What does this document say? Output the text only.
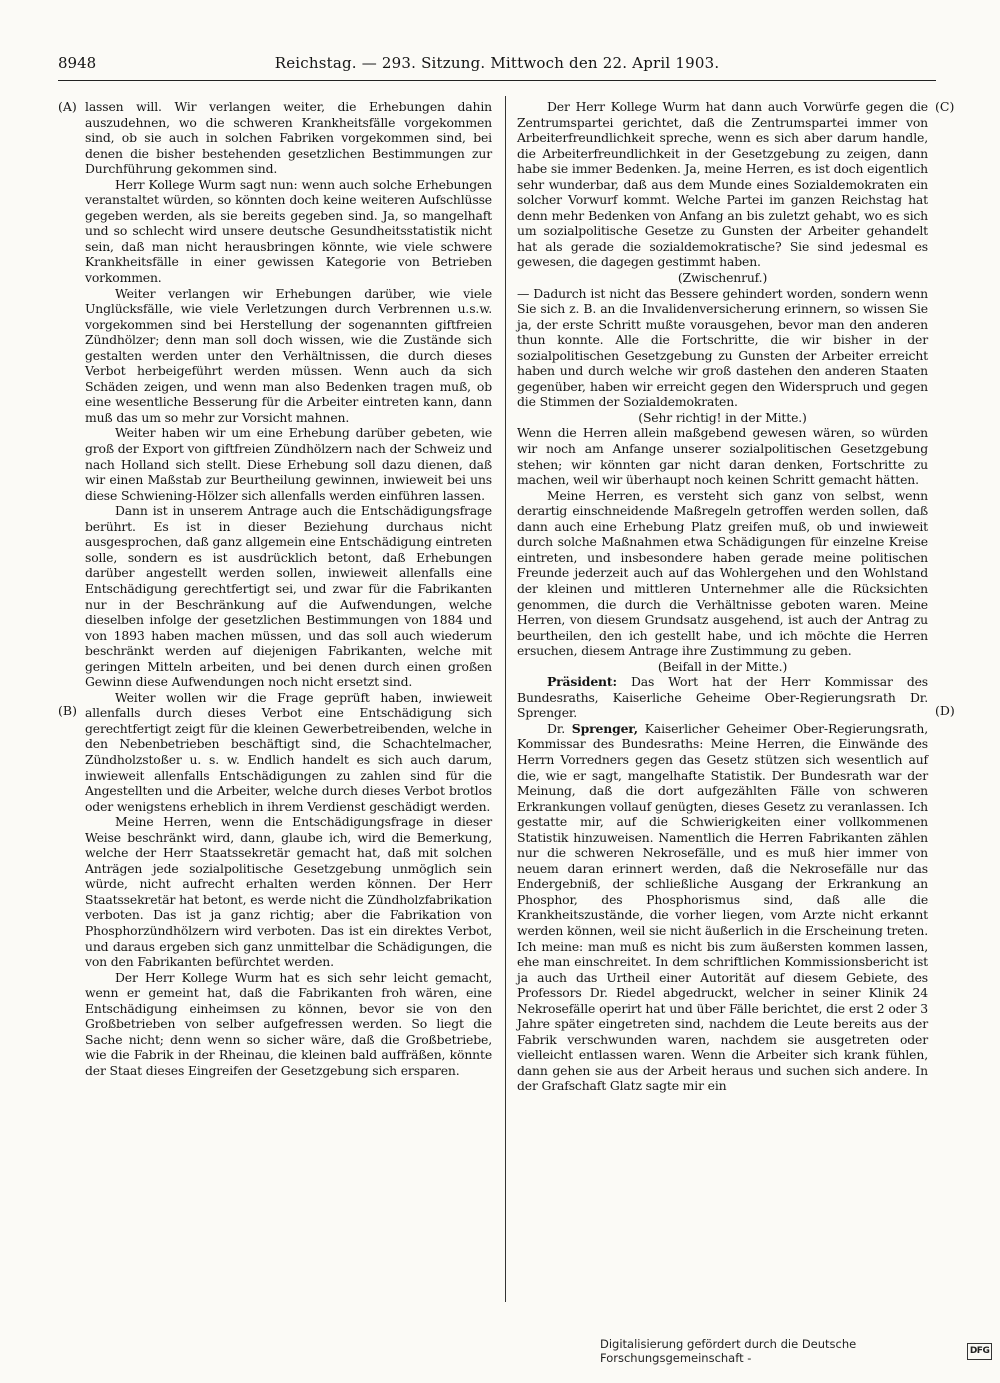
8948	Reichstag. — 293. Sitzung. Mittwoch den 22. April 1903.
(A)
(B)
(C)
(D)

lassen will. Wir verlangen weiter, die Erhebungen dahin auszudehnen, wo die schweren Krankheitsfälle vorgekommen sind, ob sie auch in solchen Fabriken vorgekommen sind, bei denen die bisher bestehenden gesetzlichen Bestimmungen zur Durchführung gekommen sind.

Herr Kollege Wurm sagt nun: wenn auch solche Erhebungen veranstaltet würden, so könnten doch keine weiteren Aufschlüsse gegeben werden, als sie bereits gegeben sind. Ja, so mangelhaft und so schlecht wird unsere deutsche Gesundheitsstatistik nicht sein, daß man nicht herausbringen könnte, wie viele schwere Krankheitsfälle in einer gewissen Kategorie von Betrieben vorkommen.

Weiter verlangen wir Erhebungen darüber, wie viele Unglücksfälle, wie viele Verletzungen durch Verbrennen u.s.w. vorgekommen sind bei Herstellung der sogenannten giftfreien Zündhölzer; denn man soll doch wissen, wie die Zustände sich gestalten werden unter den Verhältnissen, die durch dieses Verbot herbeigeführt werden müssen. Wenn auch da sich Schäden zeigen, und wenn man also Bedenken tragen muß, ob eine wesentliche Besserung für die Arbeiter eintreten kann, dann muß das um so mehr zur Vorsicht mahnen.

Weiter haben wir um eine Erhebung darüber gebeten, wie groß der Export von giftfreien Zündhölzern nach der Schweiz und nach Holland sich stellt. Diese Erhebung soll dazu dienen, daß wir einen Maßstab zur Beurtheilung gewinnen, inwieweit bei uns diese Schwiening-Hölzer sich allenfalls werden einführen lassen.

Dann ist in unserem Antrage auch die Entschädigungsfrage berührt. Es ist in dieser Beziehung durchaus nicht ausgesprochen, daß ganz allgemein eine Entschädigung eintreten solle, sondern es ist ausdrücklich betont, daß Erhebungen darüber angestellt werden sollen, inwieweit allenfalls eine Entschädigung gerechtfertigt sei, und zwar für die Fabrikanten nur in der Beschränkung auf die Aufwendungen, welche dieselben infolge der gesetzlichen Bestimmungen von 1884 und von 1893 haben machen müssen, und das soll auch wiederum beschränkt werden auf diejenigen Fabrikanten, welche mit geringen Mitteln arbeiten, und bei denen durch einen großen Gewinn diese Aufwendungen noch nicht ersetzt sind.

Weiter wollen wir die Frage geprüft haben, inwieweit allenfalls durch dieses Verbot eine Entschädigung sich gerechtfertigt zeigt für die kleinen Gewerbetreibenden, welche in den Nebenbetrieben beschäftigt sind, die Schachtelmacher, Zündholzstoßer u. s. w. Endlich handelt es sich auch darum, inwieweit allenfalls Entschädigungen zu zahlen sind für die Angestellten und die Arbeiter, welche durch dieses Verbot brotlos oder wenigstens erheblich in ihrem Verdienst geschädigt werden.

Meine Herren, wenn die Entschädigungsfrage in dieser Weise beschränkt wird, dann, glaube ich, wird die Bemerkung, welche der Herr Staatssekretär gemacht hat, daß mit solchen Anträgen jede sozialpolitische Gesetzgebung unmöglich sein würde, nicht aufrecht erhalten werden können. Der Herr Staatssekretär hat betont, es werde nicht die Zündholzfabrikation verboten. Das ist ja ganz richtig; aber die Fabrikation von Phosphorzündhölzern wird verboten. Das ist ein direktes Verbot, und daraus ergeben sich ganz unmittelbar die Schädigungen, die von den Fabrikanten befürchtet werden.

Der Herr Kollege Wurm hat es sich sehr leicht gemacht, wenn er gemeint hat, daß die Fabrikanten froh wären, eine Entschädigung einheimsen zu können, bevor sie von den Großbetrieben von selber aufgefressen werden. So liegt die Sache nicht; denn wenn so sicher wäre, daß die Großbetriebe, wie die Fabrik in der Rheinau, die kleinen bald auffräßen, könnte der Staat dieses Eingreifen der Gesetzgebung sich ersparen.

Der Herr Kollege Wurm hat dann auch Vorwürfe gegen die Zentrumspartei gerichtet, daß die Zentrumspartei immer von Arbeiterfreundlichkeit spreche, wenn es sich aber darum handle, die Arbeiterfreundlichkeit in der Gesetzgebung zu zeigen, dann habe sie immer Bedenken. Ja, meine Herren, es ist doch eigentlich sehr wunderbar, daß aus dem Munde eines Sozialdemokraten ein solcher Vorwurf kommt. Welche Partei im ganzen Reichstag hat denn mehr Bedenken von Anfang an bis zuletzt gehabt, wo es sich um sozialpolitische Gesetze zu Gunsten der Arbeiter gehandelt hat als gerade die sozialdemokratische? Sie sind jedesmal es gewesen, die dagegen gestimmt haben.

(Zwischenruf.)

— Dadurch ist nicht das Bessere gehindert worden, sondern wenn Sie sich z. B. an die Invalidenversicherung erinnern, so wissen Sie ja, der erste Schritt mußte vorausgehen, bevor man den anderen thun konnte. Alle die Fortschritte, die wir bisher in der sozialpolitischen Gesetzgebung zu Gunsten der Arbeiter erreicht haben und durch welche wir groß dastehen den anderen Staaten gegenüber, haben wir erreicht gegen den Widerspruch und gegen die Stimmen der Sozialdemokraten.

(Sehr richtig! in der Mitte.)

Wenn die Herren allein maßgebend gewesen wären, so würden wir noch am Anfange unserer sozialpolitischen Gesetzgebung stehen; wir könnten gar nicht daran denken, Fortschritte zu machen, weil wir überhaupt noch keinen Schritt gemacht hätten.

Meine Herren, es versteht sich ganz von selbst, wenn derartig einschneidende Maßregeln getroffen werden sollen, daß dann auch eine Erhebung Platz greifen muß, ob und inwieweit durch solche Maßnahmen etwa Schädigungen für einzelne Kreise eintreten, und insbesondere haben gerade meine politischen Freunde jederzeit auch auf das Wohlergehen und den Wohlstand der kleinen und mittleren Unternehmer alle die Rücksichten genommen, die durch die Verhältnisse geboten waren. Meine Herren, von diesem Grundsatz ausgehend, ist auch der Antrag zu beurtheilen, den ich gestellt habe, und ich möchte die Herren ersuchen, diesem Antrage ihre Zustimmung zu geben.

(Beifall in der Mitte.)

Präsident: Das Wort hat der Herr Kommissar des Bundesraths, Kaiserliche Geheime Ober-Regierungsrath Dr. Sprenger.

Dr. Sprenger, Kaiserlicher Geheimer Ober-Regierungsrath, Kommissar des Bundesraths: Meine Herren, die Einwände des Herrn Vorredners gegen das Gesetz stützen sich wesentlich auf die, wie er sagt, mangelhafte Statistik. Der Bundesrath war der Meinung, daß die dort aufgezählten Fälle von schweren Erkrankungen vollauf genügten, dieses Gesetz zu veranlassen. Ich gestatte mir, auf die Schwierigkeiten einer vollkommenen Statistik hinzuweisen. Namentlich die Herren Fabrikanten zählen nur die schweren Nekrosefälle, und es muß hier immer von neuem daran erinnert werden, daß die Nekrosefälle nur das Endergebniß, der schließliche Ausgang der Erkrankung an Phosphor, des Phosphorismus sind, daß alle die Krankheitszustände, die vorher liegen, vom Arzte nicht erkannt werden können, weil sie nicht äußerlich in die Erscheinung treten. Ich meine: man muß es nicht bis zum äußersten kommen lassen, ehe man einschreitet. In dem schriftlichen Kommissionsbericht ist ja auch das Urtheil einer Autorität auf diesem Gebiete, des Professors Dr. Riedel abgedruckt, welcher in seiner Klinik 24 Nekrosefälle operirt hat und über Fälle berichtet, die erst 2 oder 3 Jahre später eingetreten sind, nachdem die Leute bereits aus der Fabrik verschwunden waren, nachdem sie ausgetreten oder vielleicht entlassen waren. Wenn die Arbeiter sich krank fühlen, dann gehen sie aus der Arbeit heraus und suchen sich andere. In der Grafschaft Glatz sagte mir ein

Digitalisierung gefördert durch die Deutsche Forschungsgemeinschaft -
DFG
